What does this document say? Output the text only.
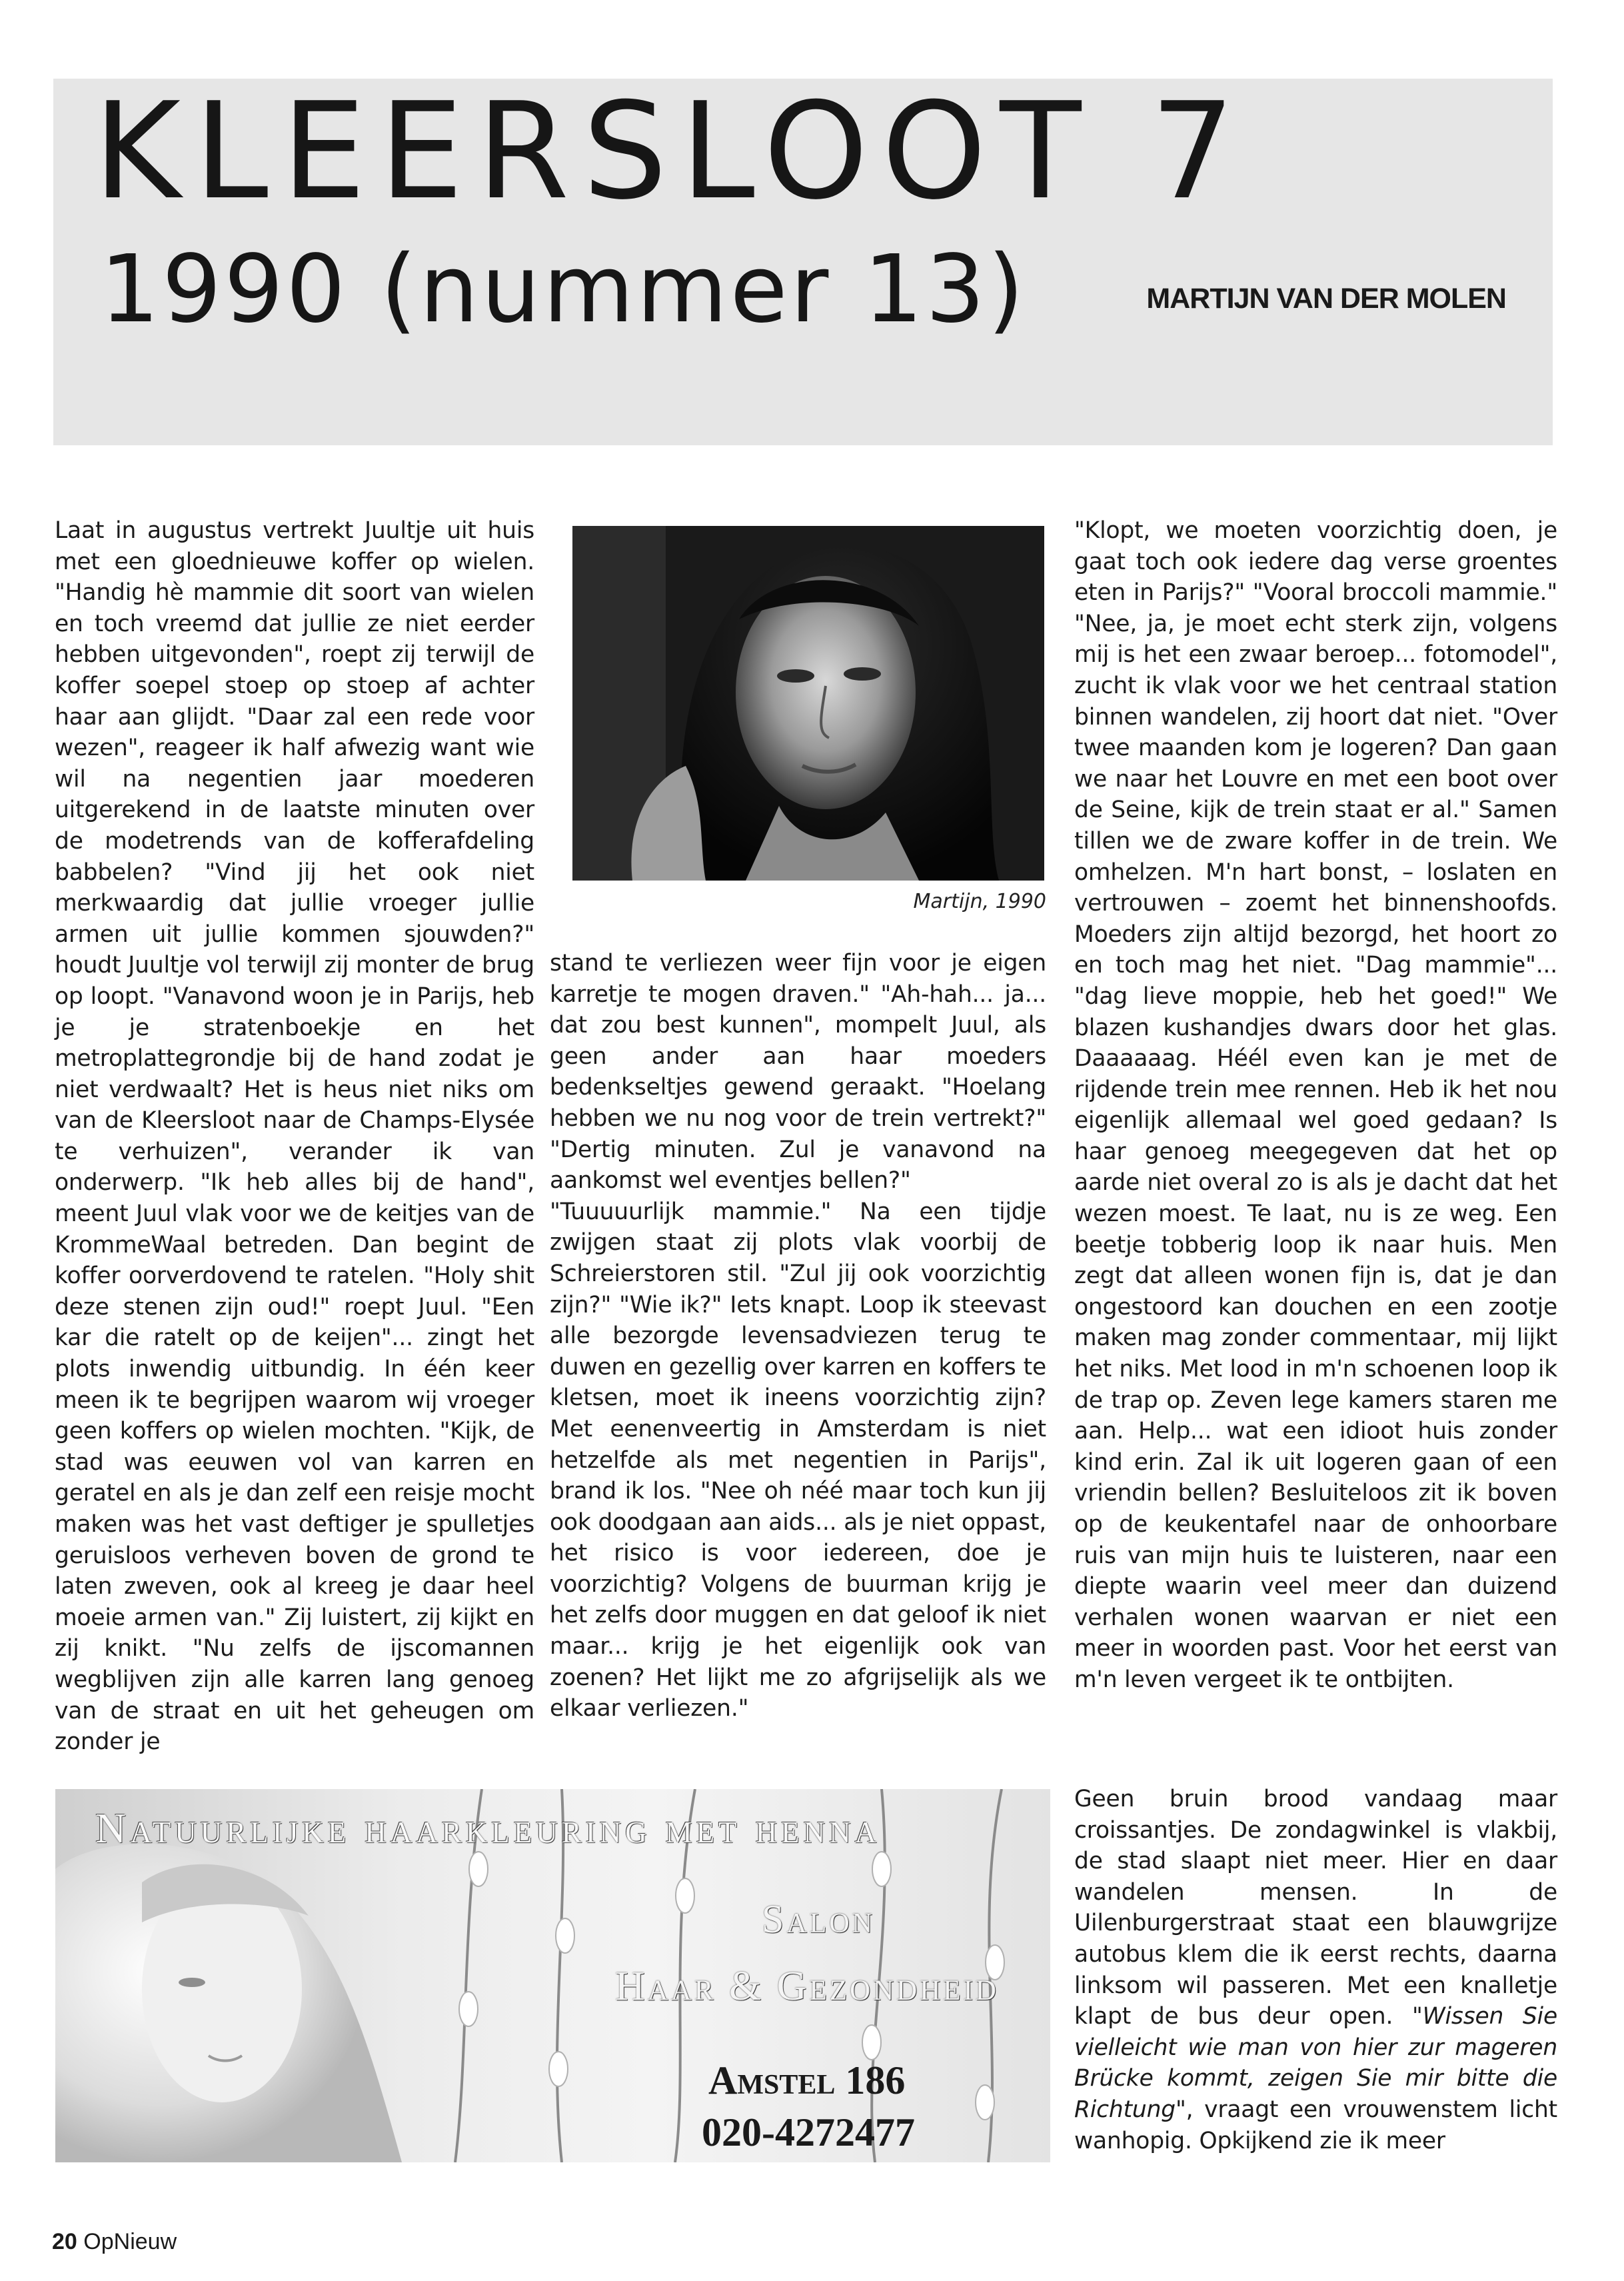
KLEERSLOOT 7
1990 (nummer 13)	MARTIJN VAN DER MOLEN

Laat in augustus vertrekt Juultje uit huis met een gloednieuwe koffer op wielen. "Handig hè mammie dit soort van wielen en toch vreemd dat jullie ze niet eerder hebben uitgevonden", roept zij terwijl de koffer soepel stoep op stoep af achter haar aan glijdt. "Daar zal een rede voor wezen", reageer ik half afwezig want wie wil na negentien jaar moederen uitgerekend in de laatste minuten over de modetrends van de kofferafdeling babbelen? "Vind jij het ook niet merkwaardig dat jullie vroeger jullie armen uit jullie kommen sjouwden?" houdt Juultje vol terwijl zij monter de brug op loopt. "Vanavond woon je in Parijs, heb je je stratenboekje en het metroplattegrondje bij de hand zodat je niet verdwaalt? Het is heus niet niks om van de Kleersloot naar de Champs-Elysée te verhuizen", verander ik van onderwerp. "Ik heb alles bij de hand", meent Juul vlak voor we de keitjes van de KrommeWaal betreden. Dan begint de koffer oorverdovend te ratelen. "Holy shit deze stenen zijn oud!" roept Juul. "Een kar die ratelt op de keijen"... zingt het plots inwendig uitbundig. In één keer meen ik te begrijpen waarom wij vroeger geen koffers op wielen mochten. "Kijk, de stad was eeuwen vol van karren en geratel en als je dan zelf een reisje mocht maken was het vast deftiger je spulletjes geruisloos verheven boven de grond te laten zweven, ook al kreeg je daar heel moeie armen van." Zij luistert, zij kijkt en zij knikt. "Nu zelfs de ijscomannen wegblijven zijn alle karren lang genoeg van de straat en uit het geheugen om zonder je

Martijn, 1990

stand te verliezen weer fijn voor je eigen karretje te mogen draven." "Ah-hah... ja... dat zou best kunnen", mompelt Juul, als geen ander aan haar moeders bedenkseltjes gewend geraakt. "Hoelang hebben we nu nog voor de trein vertrekt?" "Dertig minuten. Zul je vanavond na aankomst wel eventjes bellen?"

"Tuuuuurlijk mammie." Na een tijdje zwijgen staat zij plots vlak voorbij de Schreierstoren stil. "Zul jij ook voorzichtig zijn?" "Wie ik?" Iets knapt. Loop ik steevast alle bezorgde levensadviezen terug te duwen en gezellig over karren en koffers te kletsen, moet ik ineens voorzichtig zijn? Met eenenveertig in Amsterdam is niet hetzelfde als met negentien in Parijs", brand ik los. "Nee oh néé maar toch kun jij ook doodgaan aan aids... als je niet oppast, het risico is voor iedereen, doe je voorzichtig? Volgens de buurman krijg je het zelfs door muggen en dat geloof ik niet maar... krijg je het eigenlijk ook van zoenen? Het lijkt me zo afgrijselijk als we elkaar verliezen."

"Klopt, we moeten voorzichtig doen, je gaat toch ook iedere dag verse groentes eten in Parijs?" "Vooral broccoli mammie." "Nee, ja, je moet echt sterk zijn, volgens mij is het een zwaar beroep... fotomodel", zucht ik vlak voor we het centraal station binnen wandelen, zij hoort dat niet. "Over twee maanden kom je logeren? Dan gaan we naar het Louvre en met een boot over de Seine, kijk de trein staat er al." Samen tillen we de zware koffer in de trein. We omhelzen. M'n hart bonst, – loslaten en vertrouwen – zoemt het binnenshoofds. Moeders zijn altijd bezorgd, het hoort zo en toch mag het niet. "Dag mammie"... "dag lieve moppie, heb het goed!" We blazen kushandjes dwars door het glas. Daaaaaag. Héél even kan je met de rijdende trein mee rennen. Heb ik het nou eigenlijk allemaal wel goed gedaan? Is haar genoeg meegegeven dat het op aarde niet overal zo is als je dacht dat het wezen moest. Te laat, nu is ze weg. Een beetje tobberig loop ik naar huis. Men zegt dat alleen wonen fijn is, dat je dan ongestoord kan douchen en een zootje maken mag zonder commentaar, mij lijkt het niks. Met lood in m'n schoenen loop ik de trap op. Zeven lege kamers staren me aan. Help... wat een idioot huis zonder kind erin. Zal ik uit logeren gaan of een vriendin bellen? Besluiteloos zit ik boven op de keukentafel naar de onhoorbare ruis van mijn huis te luisteren, naar een diepte waarin veel meer dan duizend verhalen wonen waarvan er niet een meer in woorden past. Voor het eerst van m'n leven vergeet ik te ontbijten.

Geen bruin brood vandaag maar croissantjes. De zondagwinkel is vlakbij, de stad slaapt niet meer. Hier en daar wandelen mensen. In de Uilenburgerstraat staat een blauwgrijze autobus klem die ik eerst rechts, daarna linksom wil passeren. Met een knalletje klapt de bus deur open. "Wissen Sie vielleicht wie man von hier zur mageren Brücke kommt, zeigen Sie mir bitte die Richtung", vraagt een vrouwenstem licht wanhopig. Opkijkend zie ik meer

Natuurlijke haarkleuring met henna
Salon
Haar & Gezondheid
Amstel 186
020-4272477
20 OpNieuw
